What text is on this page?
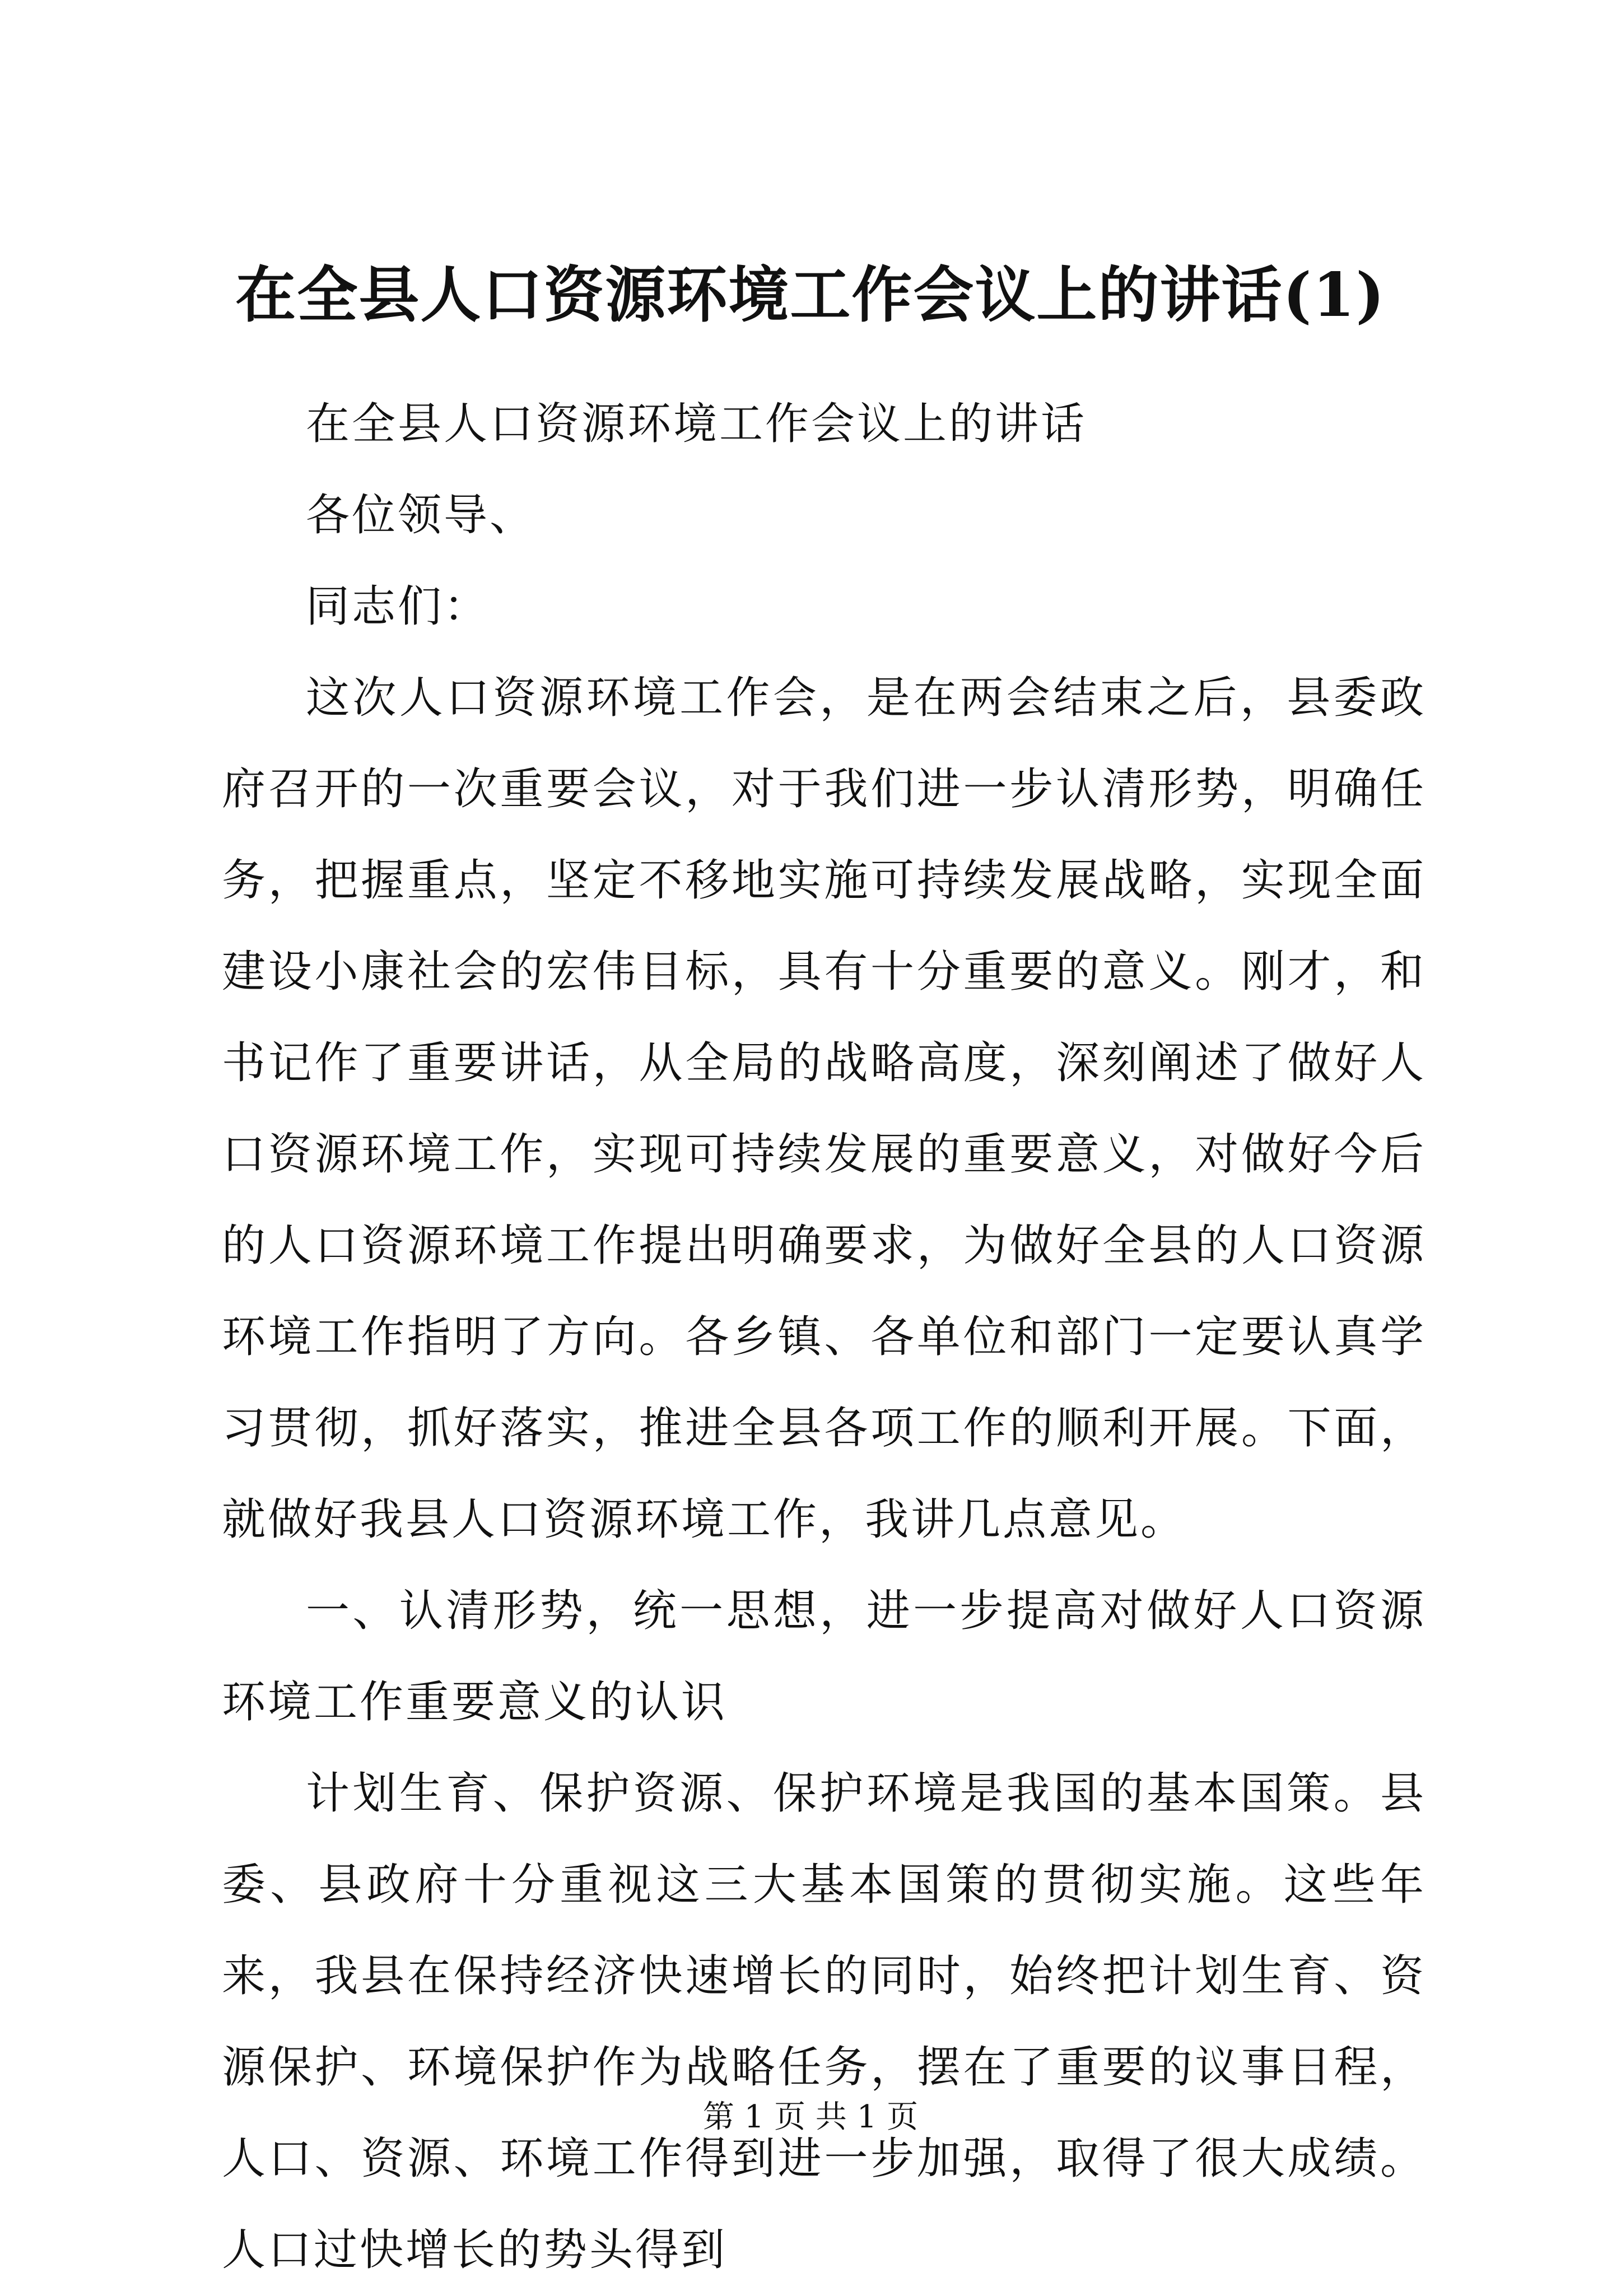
在全县人口资源环境工作会议上的讲话(1)

在全县人口资源环境工作会议上的讲话

各位领导、

同志们：

这次人口资源环境工作会，是在两会结束之后，县委政府召开的一次重要会议，对于我们进一步认清形势，明确任务，把握重点，坚定不移地实施可持续发展战略，实现全面建设小康社会的宏伟目标，具有十分重要的意义。刚才，和书记作了重要讲话，从全局的战略高度，深刻阐述了做好人口资源环境工作，实现可持续发展的重要意义，对做好今后的人口资源环境工作提出明确要求，为做好全县的人口资源环境工作指明了方向。各乡镇、各单位和部门一定要认真学习贯彻，抓好落实，推进全县各项工作的顺利开展。下面，就做好我县人口资源环境工作，我讲几点意见。

一、认清形势，统一思想，进一步提高对做好人口资源环境工作重要意义的认识

计划生育、保护资源、保护环境是我国的基本国策。县委、县政府十分重视这三大基本国策的贯彻实施。这些年来，我县在保持经济快速增长的同时，始终把计划生育、资源保护、环境保护作为战略任务，摆在了重要的议事日程，人口、资源、环境工作得到进一步加强，取得了很大成绩。人口过快增长的势头得到

第 1 页 共 1 页
